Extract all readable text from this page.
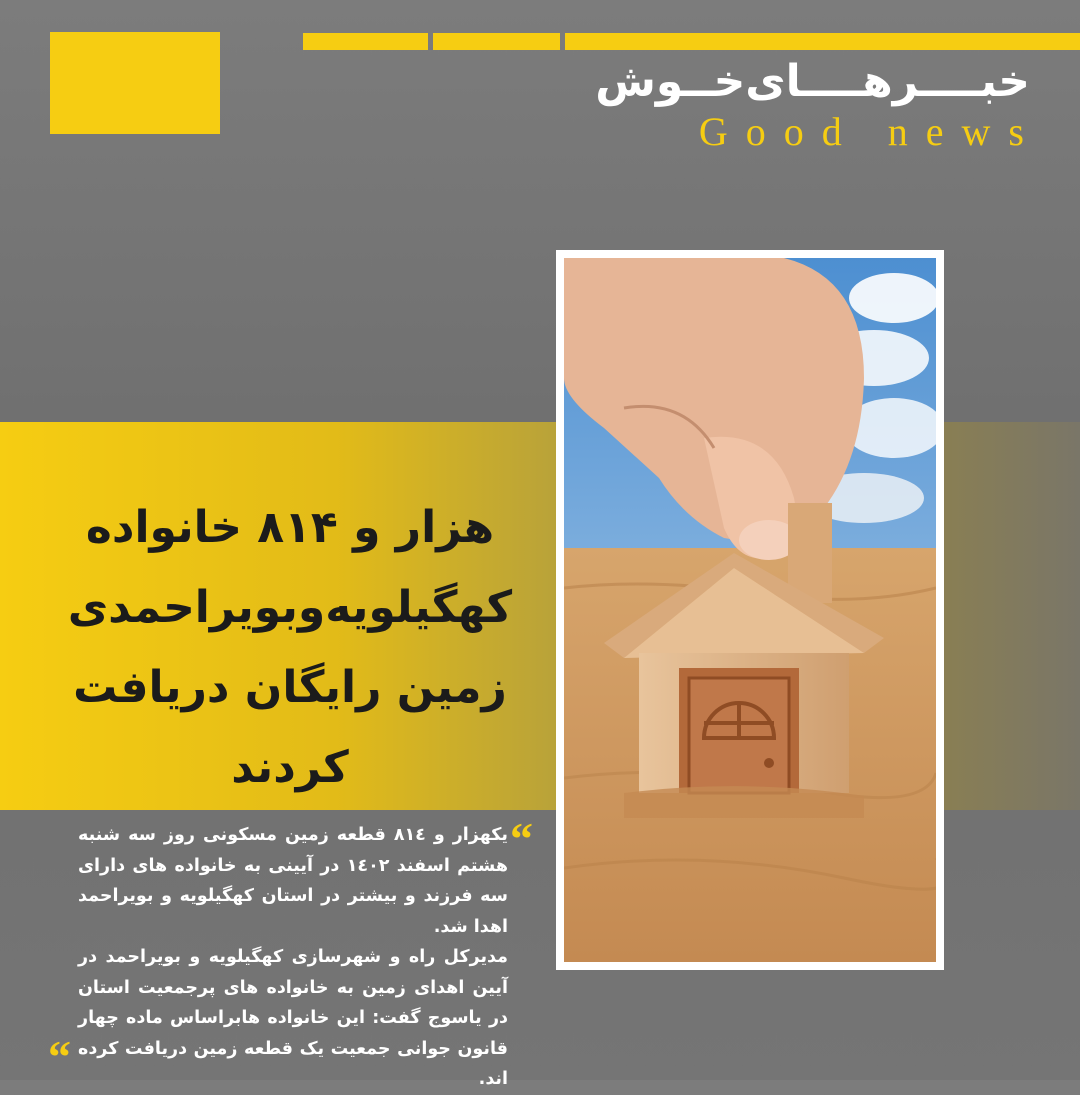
خبــــرهــــای‌خــوش
Good news
هزار و ۸۱۴ خانواده
کهگیلویه‌وبویراحمدی
زمین رایگان دریافت کردند

یکهزار و ۸۱٤ قطعه زمین مسکونی روز سه شنبه هشتم اسفند ۱٤۰۲ در آیینی به خانواده های دارای سه فرزند و بیشتر در استان کهگیلویه و بویراحمد اهدا شد.

مدیرکل راه و شهرسازی کهگیلویه و بویراحمد در آیین اهدای زمین به خانواده های پرجمعیت استان در یاسوج گفت: این خانواده هابراساس ماده چهار قانون جوانی جمعیت یک قطعه زمین دریافت کرده اند.

“
“
